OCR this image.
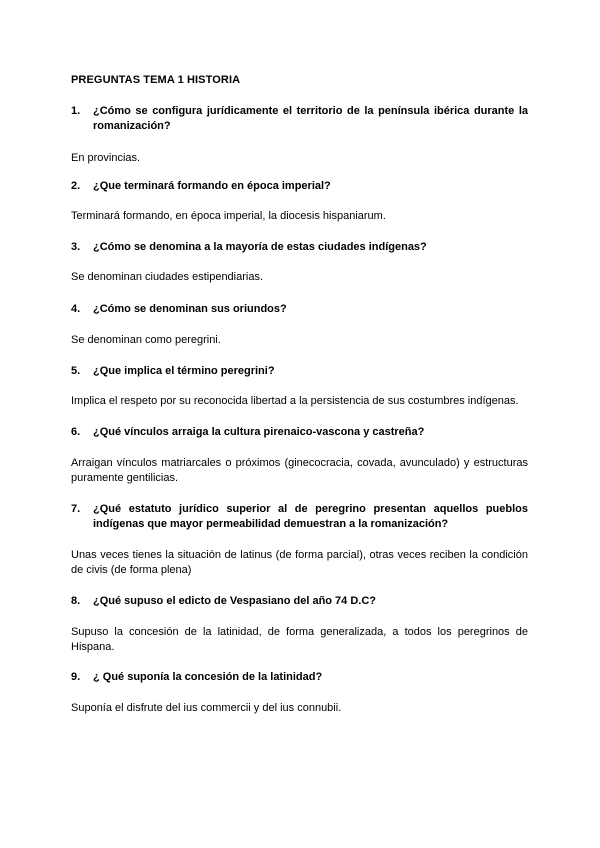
PREGUNTAS TEMA 1 HISTORIA
1.	¿Cómo se configura jurídicamente el territorio de la península ibérica durante la romanización?
En provincias.
2.	¿Que terminará formando en época imperial?
Terminará formando, en época imperial, la diocesis hispaniarum.
3.	¿Cómo se denomina a la mayoría de estas ciudades indígenas?
Se denominan ciudades estipendiarias.
4.	¿Cómo se denominan sus oriundos?
Se denominan como peregrini.
5.	¿Que implica el término peregrini?
Implica el respeto por su reconocida libertad a la persistencia de sus costumbres indígenas.
6.	¿Qué vínculos arraiga la cultura pirenaico-vascona y castreña?
Arraigan vínculos matriarcales o próximos (ginecocracia, covada, avunculado) y estructuras puramente gentilicias.
7.	¿Qué estatuto jurídico superior al de peregrino presentan aquellos pueblos indígenas que mayor permeabilidad demuestran a la romanización?
Unas veces tienes la situación de latinus (de forma parcial), otras veces reciben la condición de civis (de forma plena)
8.	¿Qué supuso el edicto de Vespasiano del año 74 D.C?
Supuso la concesión de la latinidad, de forma generalizada, a todos los peregrinos de Hispana.
9.	¿ Qué suponía la concesión de la latinidad?
Suponía el disfrute del ius commercii y del ius connubii.
